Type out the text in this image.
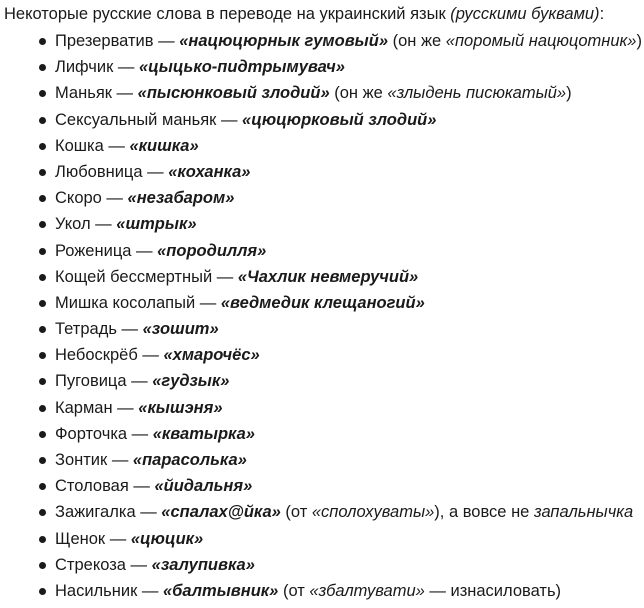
Некоторые русские слова в переводе на украинский язык (русскими буквами):
Презерватив — «нацюцюрнык гумовый» (он же «поромый нацюцотник»)
Лифчик — «цыцько-пидтрымувач»
Маньяк — «пысюнковый злодий» (он же «злыдень писюкатый»)
Сексуальный маньяк — «цюцюрковый злодий»
Кошка — «кишка»
Любовница — «коханка»
Скоро — «незабаром»
Укол — «штрык»
Роженица — «породилля»
Кощей бессмертный — «Чахлик невмеручий»
Мишка косолапый — «ведмедик клещаногий»
Тетрадь — «зошит»
Небоскрёб — «хмарочёс»
Пуговица — «гудзык»
Карман — «кышэня»
Форточка — «кватырка»
Зонтик — «парасолька»
Столовая — «йидальня»
Зажигалка — «спалах@йка» (от «сполохуваты»), а вовсе не запальнычка
Щенок — «цюцик»
Стрекоза — «залупивка»
Насильник — «балтывник» (от «збалтувати» — изнасиловать)
